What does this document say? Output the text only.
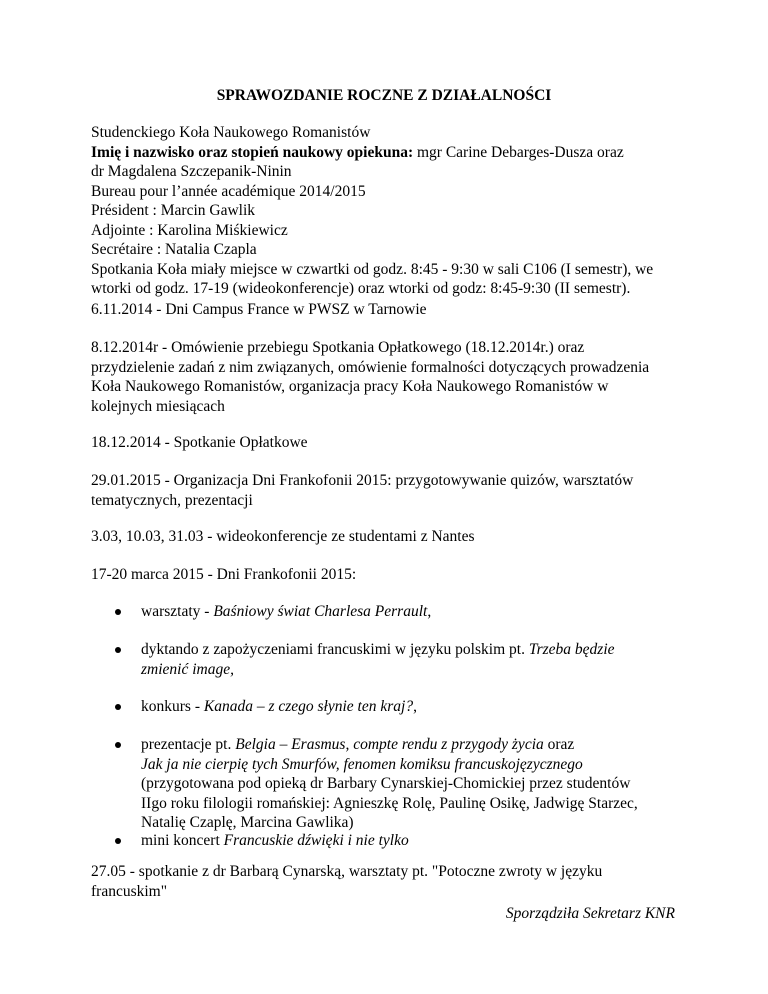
SPRAWOZDANIE ROCZNE Z DZIAŁALNOŚCI

Studenckiego Koła Naukowego Romanistów

Imię i nazwisko oraz stopień naukowy opiekuna: mgr Carine Debarges-Dusza oraz

dr Magdalena Szczepanik-Ninin

Bureau pour l’année académique 2014/2015

Président : Marcin Gawlik

Adjointe : Karolina Miśkiewicz

Secrétaire : Natalia Czapla

Spotkania Koła miały miejsce w czwartki od godz. 8:45 - 9:30 w sali C106 (I semestr), we

wtorki od godz. 17-19 (wideokonferencje) oraz wtorki od godz: 8:45-9:30 (II semestr).

6.11.2014 - Dni Campus France w PWSZ w Tarnowie

8.12.2014r - Omówienie przebiegu Spotkania Opłatkowego (18.12.2014r.) oraz

przydzielenie zadań z nim związanych, omówienie formalności dotyczących prowadzenia

Koła Naukowego Romanistów, organizacja pracy Koła Naukowego Romanistów w

kolejnych miesiącach

18.12.2014 - Spotkanie Opłatkowe

29.01.2015 - Organizacja Dni Frankofonii 2015: przygotowywanie quizów, warsztatów

tematycznych, prezentacji

3.03, 10.03, 31.03 - wideokonferencje ze studentami z Nantes

17-20 marca 2015 - Dni Frankofonii 2015:

warsztaty - Baśniowy świat Charlesa Perrault,
dyktando z zapożyczeniami francuskimi w języku polskim pt. Trzeba będzie
zmienić image,
konkurs - Kanada – z czego słynie ten kraj?,
prezentacje pt. Belgia – Erasmus, compte rendu z przygody życia oraz
Jak ja nie cierpię tych Smurfów, fenomen komiksu francuskojęzycznego
(przygotowana pod opieką dr Barbary Cynarskiej-Chomickiej przez studentów
IIgo roku filologii romańskiej: Agnieszkę Rolę, Paulinę Osikę, Jadwigę Starzec,
Natalię Czaplę, Marcina Gawlika)
mini koncert Francuskie dźwięki i nie tylko

27.05 - spotkanie z dr Barbarą Cynarską, warsztaty pt. "Potoczne zwroty w języku

francuskim"

Sporządziła Sekretarz KNR
